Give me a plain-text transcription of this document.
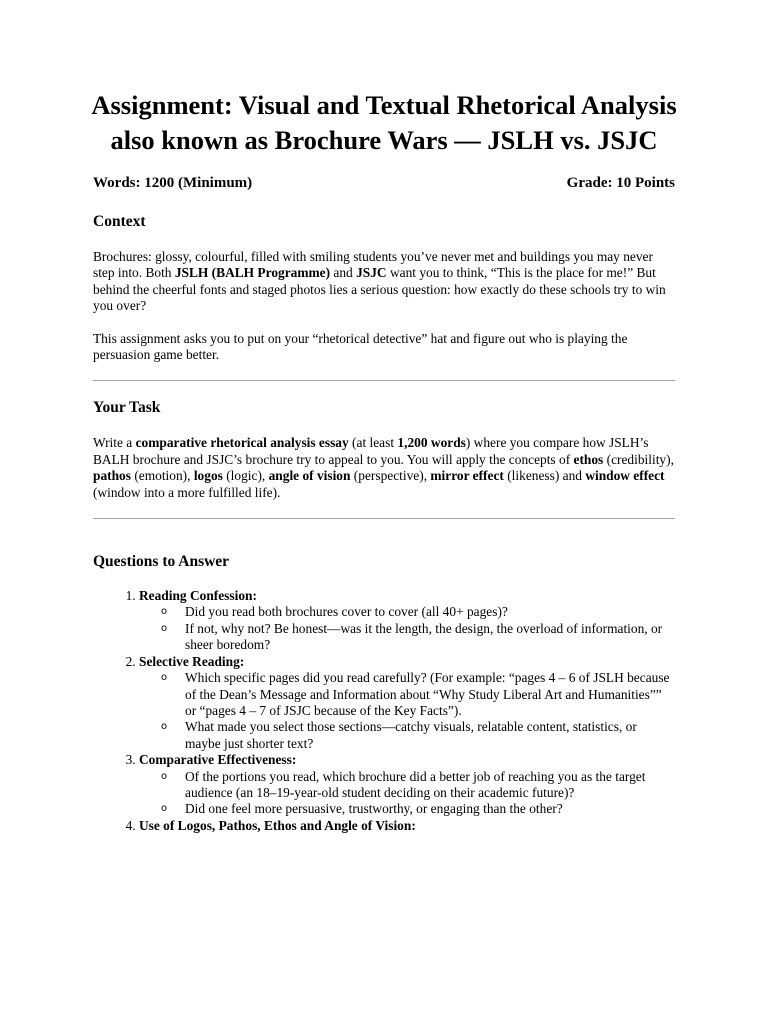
Assignment: Visual and Textual Rhetorical Analysis also known as Brochure Wars — JSLH vs. JSJC
Words: 1200 (Minimum)	Grade: 10 Points
Context

Brochures: glossy, colourful, filled with smiling students you’ve never met and buildings you may never step into. Both JSLH (BALH Programme) and JSJC want you to think, “This is the place for me!” But behind the cheerful fonts and staged photos lies a serious question: how exactly do these schools try to win you over?

This assignment asks you to put on your “rhetorical detective” hat and figure out who is playing the persuasion game better.

Your Task

Write a comparative rhetorical analysis essay (at least 1,200 words) where you compare how JSLH’s BALH brochure and JSJC’s brochure try to appeal to you. You will apply the concepts of ethos (credibility), pathos (emotion), logos (logic), angle of vision (perspective), mirror effect (likeness) and window effect (window into a more fulfilled life).

Questions to Answer
1. Reading Confession:
o Did you read both brochures cover to cover (all 40+ pages)?
o If not, why not? Be honest—was it the length, the design, the overload of information, or sheer boredom?
2. Selective Reading:
o Which specific pages did you read carefully? (For example: “pages 4 – 6 of JSLH because of the Dean’s Message and Information about “Why Study Liberal Art and Humanities”” or “pages 4 – 7 of JSJC because of the Key Facts”).
o What made you select those sections—catchy visuals, relatable content, statistics, or maybe just shorter text?
3. Comparative Effectiveness:
o Of the portions you read, which brochure did a better job of reaching you as the target audience (an 18–19-year-old student deciding on their academic future)?
o Did one feel more persuasive, trustworthy, or engaging than the other?
4. Use of Logos, Pathos, Ethos and Angle of Vision:
